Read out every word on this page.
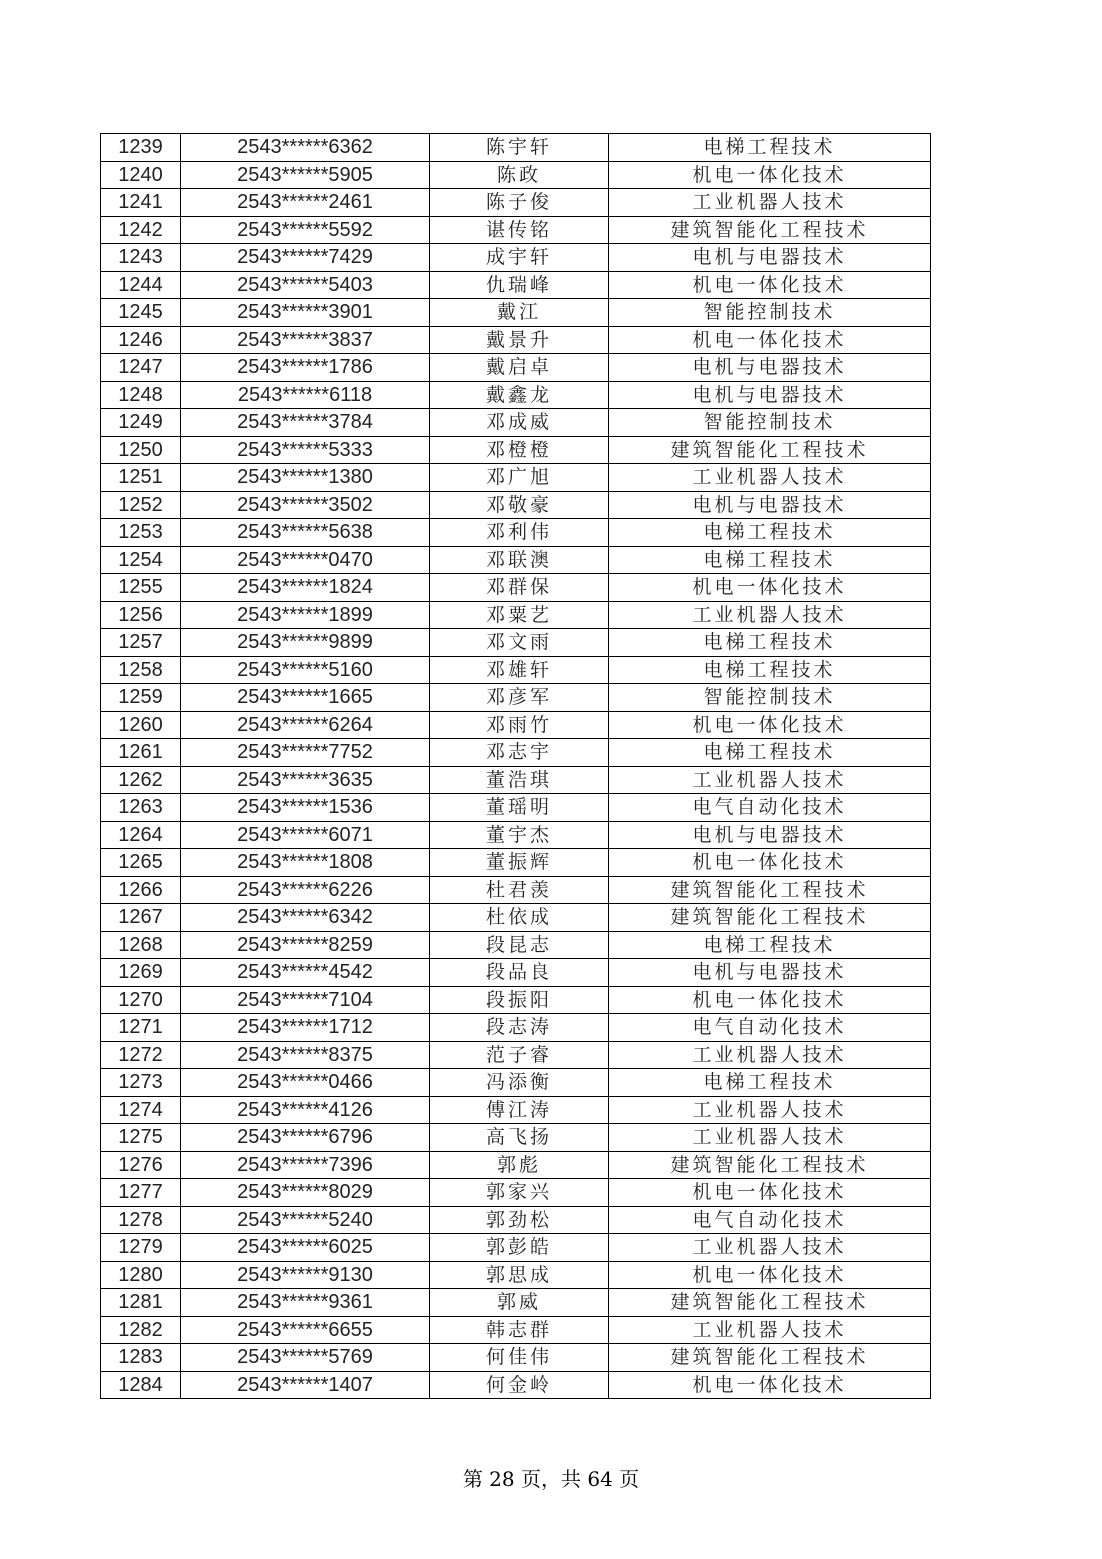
1239	2543******6362	陈宇轩	电梯工程技术
1240	2543******5905	陈政	机电一体化技术
1241	2543******2461	陈子俊	工业机器人技术
1242	2543******5592	谌传铭	建筑智能化工程技术
1243	2543******7429	成宇轩	电机与电器技术
1244	2543******5403	仇瑞峰	机电一体化技术
1245	2543******3901	戴江	智能控制技术
1246	2543******3837	戴景升	机电一体化技术
1247	2543******1786	戴启卓	电机与电器技术
1248	2543******6118	戴鑫龙	电机与电器技术
1249	2543******3784	邓成威	智能控制技术
1250	2543******5333	邓橙橙	建筑智能化工程技术
1251	2543******1380	邓广旭	工业机器人技术
1252	2543******3502	邓敬豪	电机与电器技术
1253	2543******5638	邓利伟	电梯工程技术
1254	2543******0470	邓联澳	电梯工程技术
1255	2543******1824	邓群保	机电一体化技术
1256	2543******1899	邓粟艺	工业机器人技术
1257	2543******9899	邓文雨	电梯工程技术
1258	2543******5160	邓雄轩	电梯工程技术
1259	2543******1665	邓彦军	智能控制技术
1260	2543******6264	邓雨竹	机电一体化技术
1261	2543******7752	邓志宇	电梯工程技术
1262	2543******3635	董浩琪	工业机器人技术
1263	2543******1536	董瑶明	电气自动化技术
1264	2543******6071	董宇杰	电机与电器技术
1265	2543******1808	董振辉	机电一体化技术
1266	2543******6226	杜君羡	建筑智能化工程技术
1267	2543******6342	杜依成	建筑智能化工程技术
1268	2543******8259	段昆志	电梯工程技术
1269	2543******4542	段品良	电机与电器技术
1270	2543******7104	段振阳	机电一体化技术
1271	2543******1712	段志涛	电气自动化技术
1272	2543******8375	范子睿	工业机器人技术
1273	2543******0466	冯添衡	电梯工程技术
1274	2543******4126	傅江涛	工业机器人技术
1275	2543******6796	高飞扬	工业机器人技术
1276	2543******7396	郭彪	建筑智能化工程技术
1277	2543******8029	郭家兴	机电一体化技术
1278	2543******5240	郭劲松	电气自动化技术
1279	2543******6025	郭彭皓	工业机器人技术
1280	2543******9130	郭思成	机电一体化技术
1281	2543******9361	郭威	建筑智能化工程技术
1282	2543******6655	韩志群	工业机器人技术
1283	2543******5769	何佳伟	建筑智能化工程技术
1284	2543******1407	何金岭	机电一体化技术
第 28 页，共 64 页
